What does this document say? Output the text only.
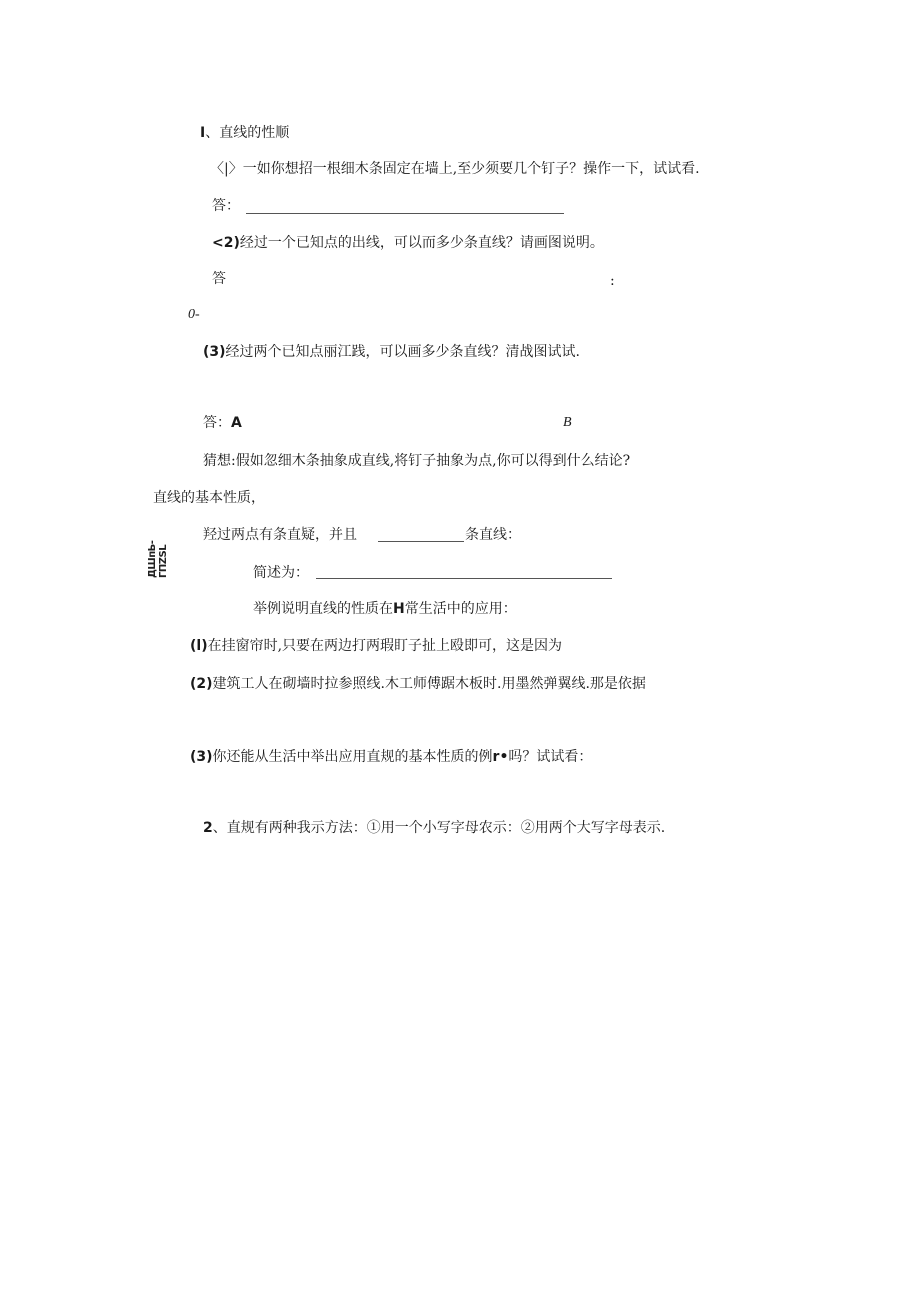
I、直线的性顺
〈|〉一如你想招一根细木条固定在墙上,至少须要几个钉子？操作一下，试试看.
答：
<2)经过一个已知点的出线，可以而多少条直线？请画图说明。
答	:
0-
(3)经过两个已知点丽江践，可以画多少条直线？清战图试试.
答：A	B
猜想:假如忽细木条抽象成直线,将钉子抽象为点,你可以得到什么结论?
直线的基本性质，
ДШпЬ-ГПZSL
羟过两点有条直疑，并且	条直线：
简述为：
举例说明直线的性质在H常生活中的应用：
(l)在挂窗帘时,只要在两边打两瑕盯子扯上殴即可，这是因为
(2)建筑工人在砌墙时拉参照线.木工师傅踞木板时.用墨然弹翼线.那是依据
(3)你还能从生活中举出应用直规的基本性质的例r•吗？试试看：
2、直规有两种我示方法：①用一个小写字母农示：②用两个大写字母表示.
